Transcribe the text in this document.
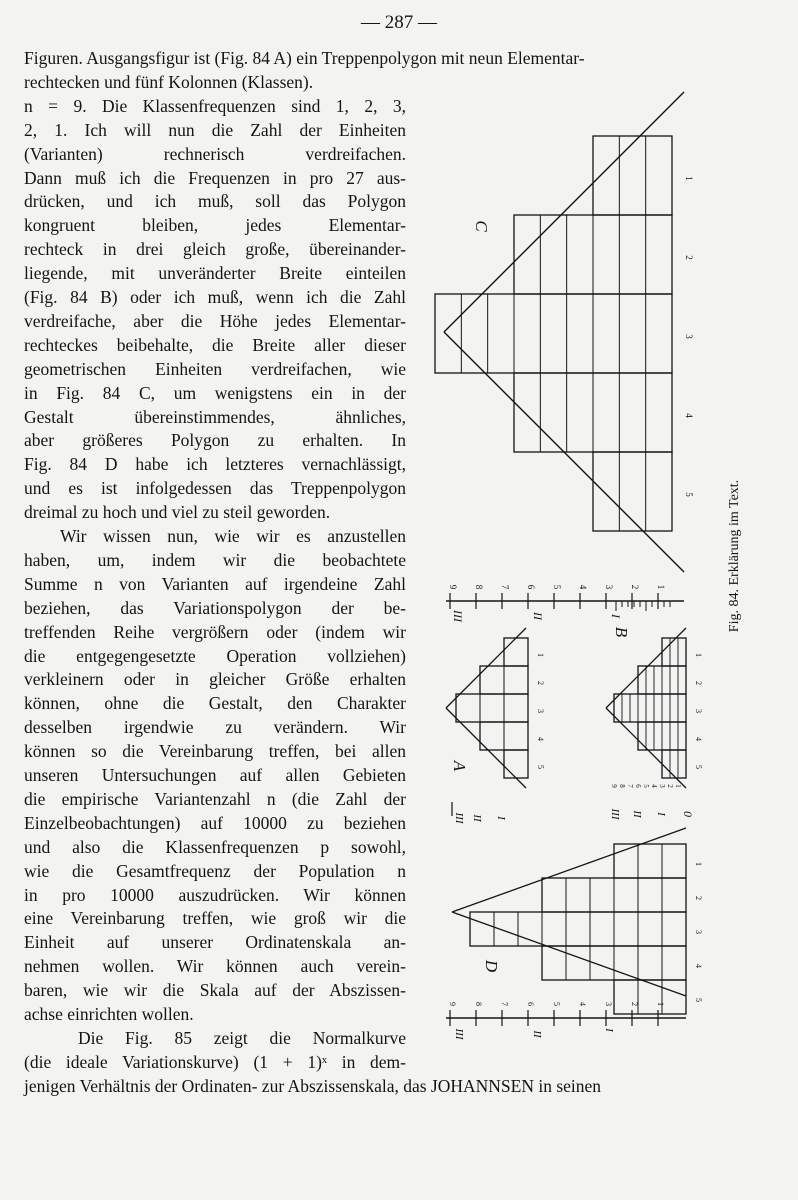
— 287 —
Figuren. Ausgangsfigur ist (Fig. 84 A) ein Treppenpolygon mit neun Elementar-
rechtecken und fünf Kolonnen (Klassen).
n = 9. Die Klassenfrequenzen sind 1, 2, 3,
2, 1. Ich will nun die Zahl der Einheiten
(Varianten) rechnerisch verdreifachen.
Dann muß ich die Frequenzen in pro 27 aus-
drücken, und ich muß, soll das Polygon
kongruent bleiben, jedes Elementar-
rechteck in drei gleich große, übereinander-
liegende, mit unveränderter Breite einteilen
(Fig. 84 B) oder ich muß, wenn ich die Zahl
verdreifache, aber die Höhe jedes Elementar-
rechteckes beibehalte, die Breite aller dieser
geometrischen Einheiten verdreifachen, wie
in Fig. 84 C, um wenigstens ein in der
Gestalt übereinstimmendes, ähnliches,
aber größeres Polygon zu erhalten. In
Fig. 84 D habe ich letzteres vernachlässigt,
und es ist infolgedessen das Treppenpolygon
dreimal zu hoch und viel zu steil geworden.
Wir wissen nun, wie wir es anzustellen
haben, um, indem wir die beobachtete
Summe n von Varianten auf irgendeine Zahl
beziehen, das Variationspolygon der be-
treffenden Reihe vergrößern oder (indem wir
die entgegengesetzte Operation vollziehen)
verkleinern oder in gleicher Größe erhalten
können, ohne die Gestalt, den Charakter
desselben irgendwie zu verändern. Wir
können so die Vereinbarung treffen, bei allen
unseren Untersuchungen auf allen Gebieten
die empirische Variantenzahl n (die Zahl der
Einzelbeobachtungen) auf 10000 zu beziehen
und also die Klassenfrequenzen p sowohl,
wie die Gesamtfrequenz der Population n
in pro 10000 auszudrücken. Wir können
eine Vereinbarung treffen, wie groß wir die
Einheit auf unserer Ordinatenskala an-
nehmen wollen. Wir können auch verein-
baren, wie wir die Skala auf der Abszissen-
achse einrichten wollen.
Die Fig. 85 zeigt die Normalkurve
(die ideale Variationskurve) (1 + 1)ˣ in dem-
jenigen Verhältnis der Ordinaten- zur Abszissenskala, das JOHANNSEN in seinen
C
1
2
3
4
5
9 8 7 6 5 4 3 2 1
III	II	I
1
2
3
4
5
A
III II I
1
2
3
4
5
B
9 8 7 6 5 4 3 2 1
III II I 0
1
2
3
4
5
D
9 8 7 6 5 4 3 2 1
III	II
I
Fig. 84. Erklärung im Text.
